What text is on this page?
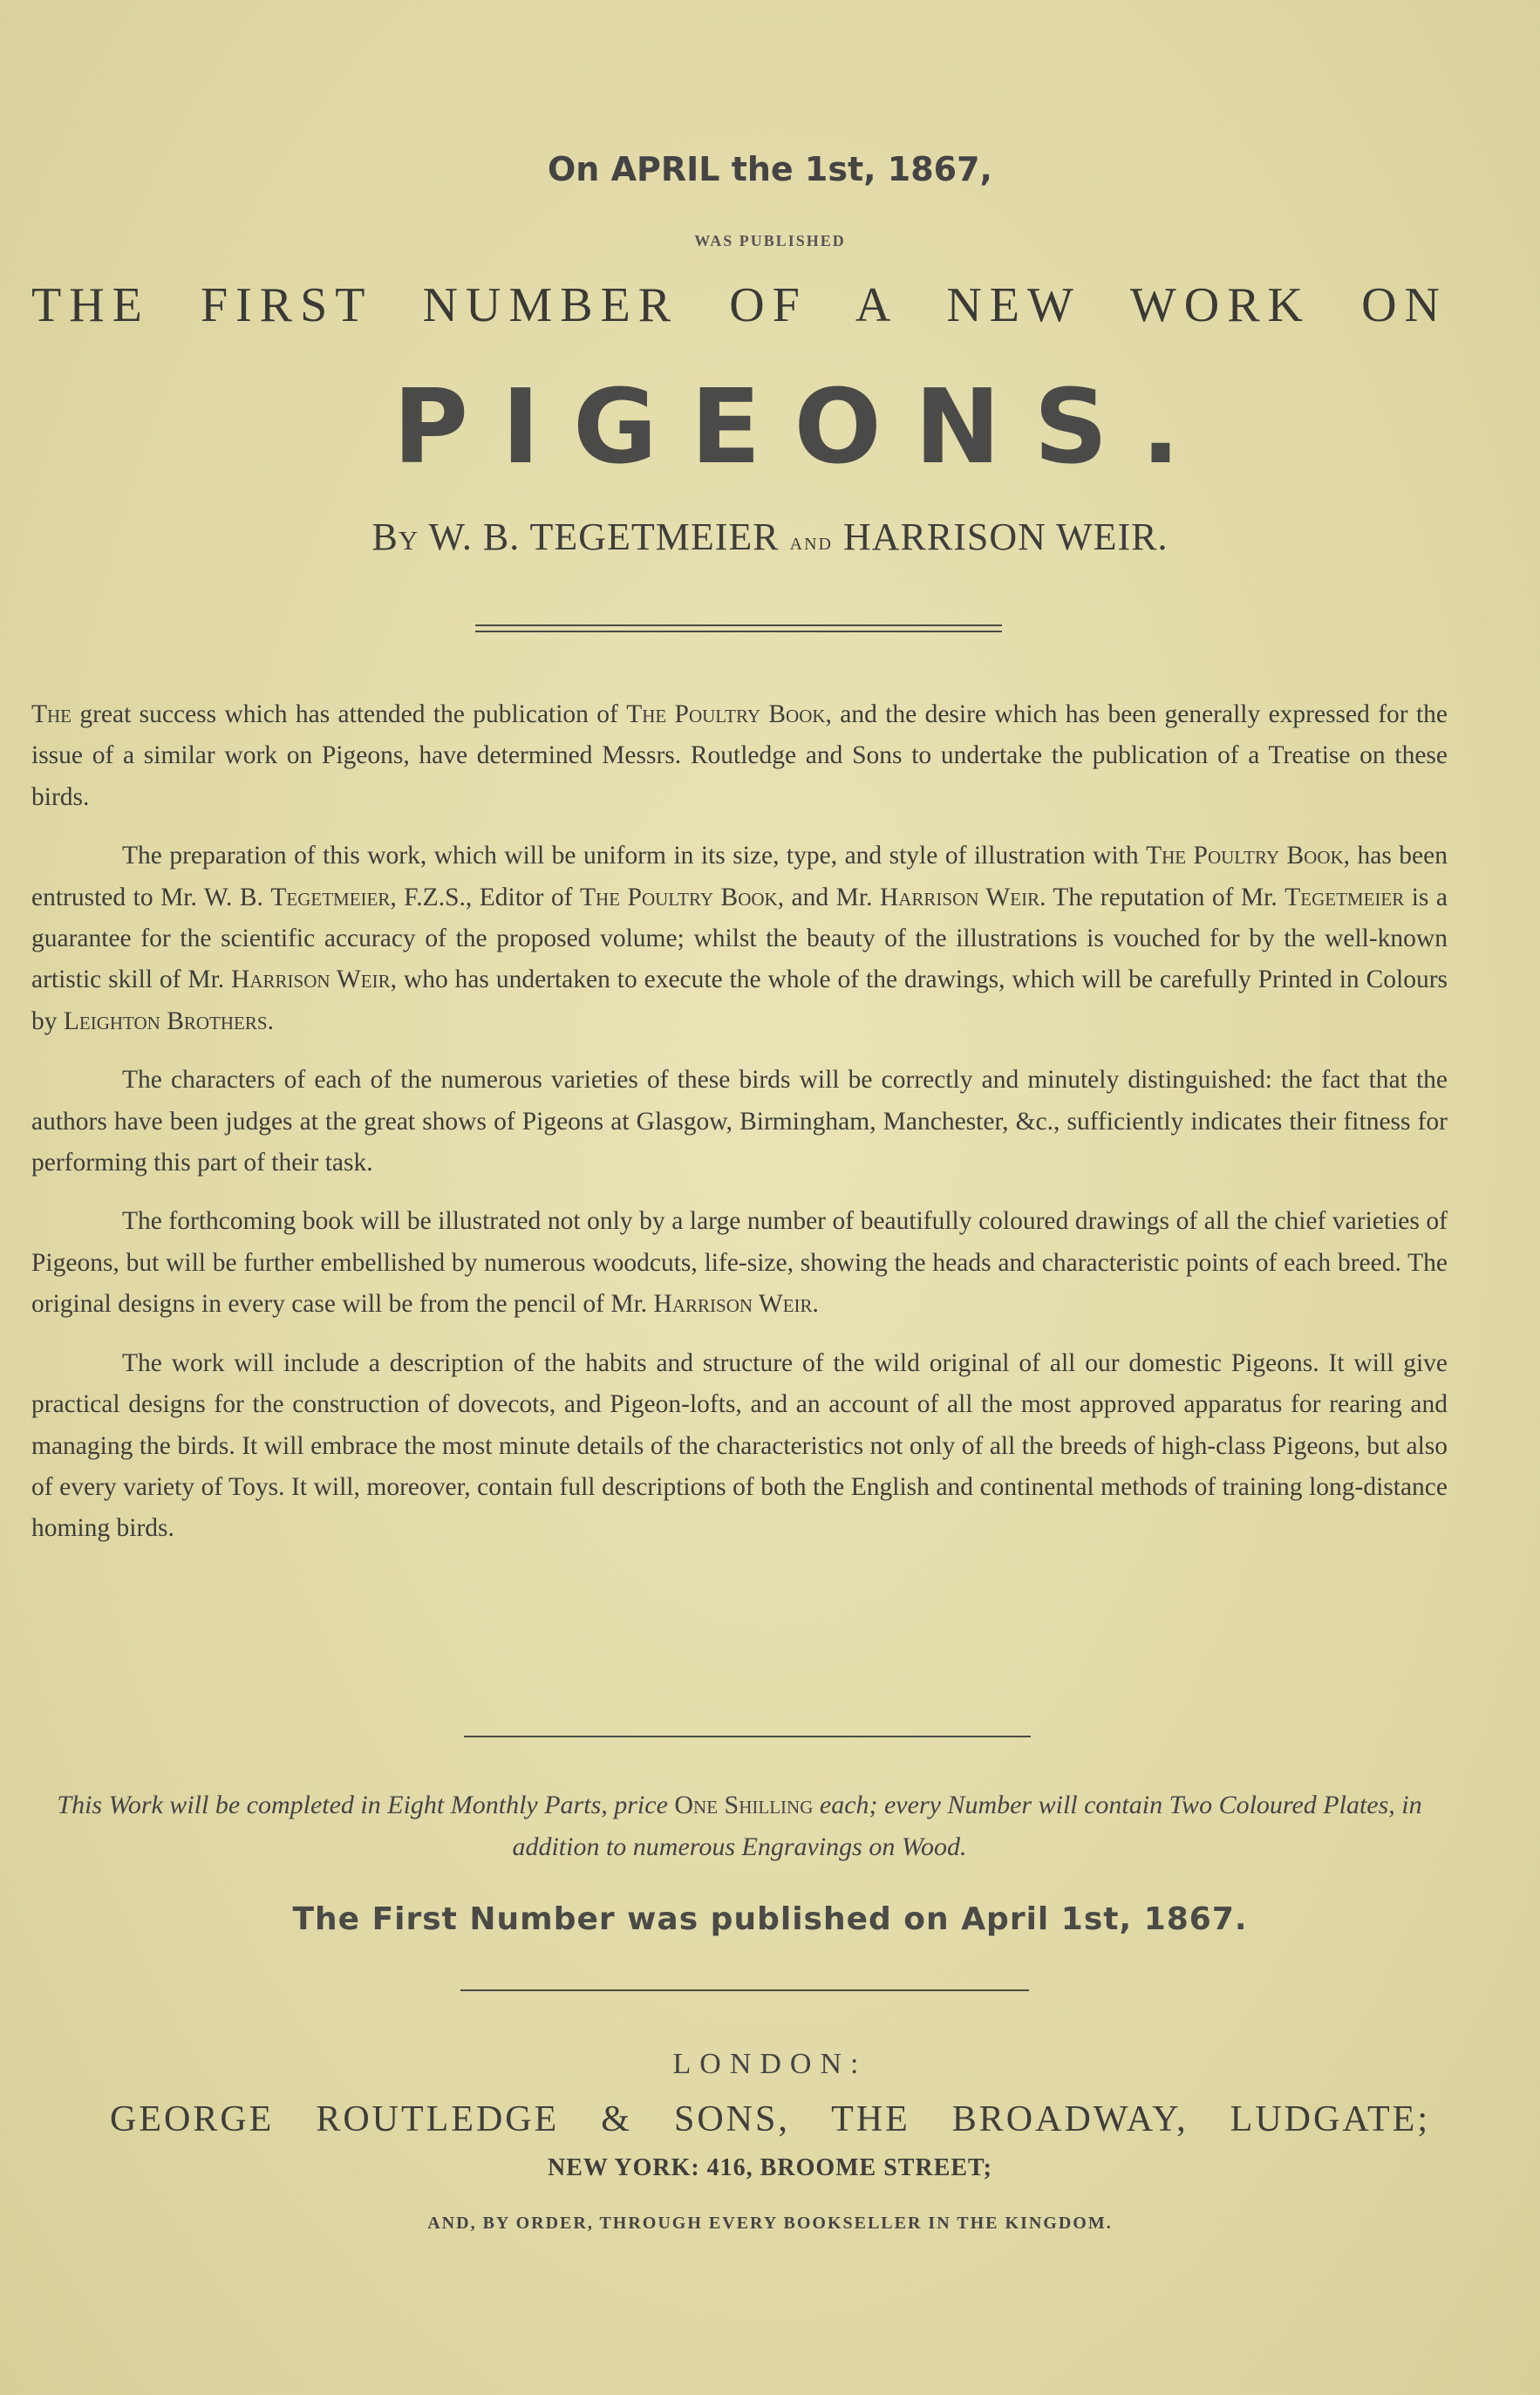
On APRIL the 1st, 1867,
WAS PUBLISHED
THE FIRST NUMBER OF A NEW WORK ON
PIGEONS.
By W. B. TEGETMEIER and HARRISON WEIR.

The great success which has attended the publication of The Poultry Book, and the desire which has been generally expressed for the issue of a similar work on Pigeons, have determined Messrs. Routledge and Sons to undertake the publication of a Treatise on these birds.

The preparation of this work, which will be uniform in its size, type, and style of illustration with The Poultry Book, has been entrusted to Mr. W. B. Tegetmeier, F.Z.S., Editor of The Poultry Book, and Mr. Harrison Weir. The reputation of Mr. Tegetmeier is a guarantee for the scientific accuracy of the proposed volume; whilst the beauty of the illustrations is vouched for by the well-known artistic skill of Mr. Harrison Weir, who has undertaken to execute the whole of the drawings, which will be carefully Printed in Colours by Leighton Brothers.

The characters of each of the numerous varieties of these birds will be correctly and minutely distinguished: the fact that the authors have been judges at the great shows of Pigeons at Glasgow, Birmingham, Manchester, &c., sufficiently indicates their fitness for performing this part of their task.

The forthcoming book will be illustrated not only by a large number of beautifully coloured drawings of all the chief varieties of Pigeons, but will be further embellished by numerous woodcuts, life-size, showing the heads and characteristic points of each breed. The original designs in every case will be from the pencil of Mr. Harrison Weir.

The work will include a description of the habits and structure of the wild original of all our domestic Pigeons. It will give practical designs for the construction of dovecots, and Pigeon-lofts, and an account of all the most approved apparatus for rearing and managing the birds. It will embrace the most minute details of the characteristics not only of all the breeds of high-class Pigeons, but also of every variety of Toys. It will, moreover, contain full descriptions of both the English and continental methods of training long-distance homing birds.

This Work will be completed in Eight Monthly Parts, price One Shilling each; every Number will contain Two Coloured Plates, in addition to numerous Engravings on Wood.
The First Number was published on April 1st, 1867.
LONDON:
GEORGE ROUTLEDGE & SONS, THE BROADWAY, LUDGATE;
NEW YORK: 416, BROOME STREET;
AND, BY ORDER, THROUGH EVERY BOOKSELLER IN THE KINGDOM.
